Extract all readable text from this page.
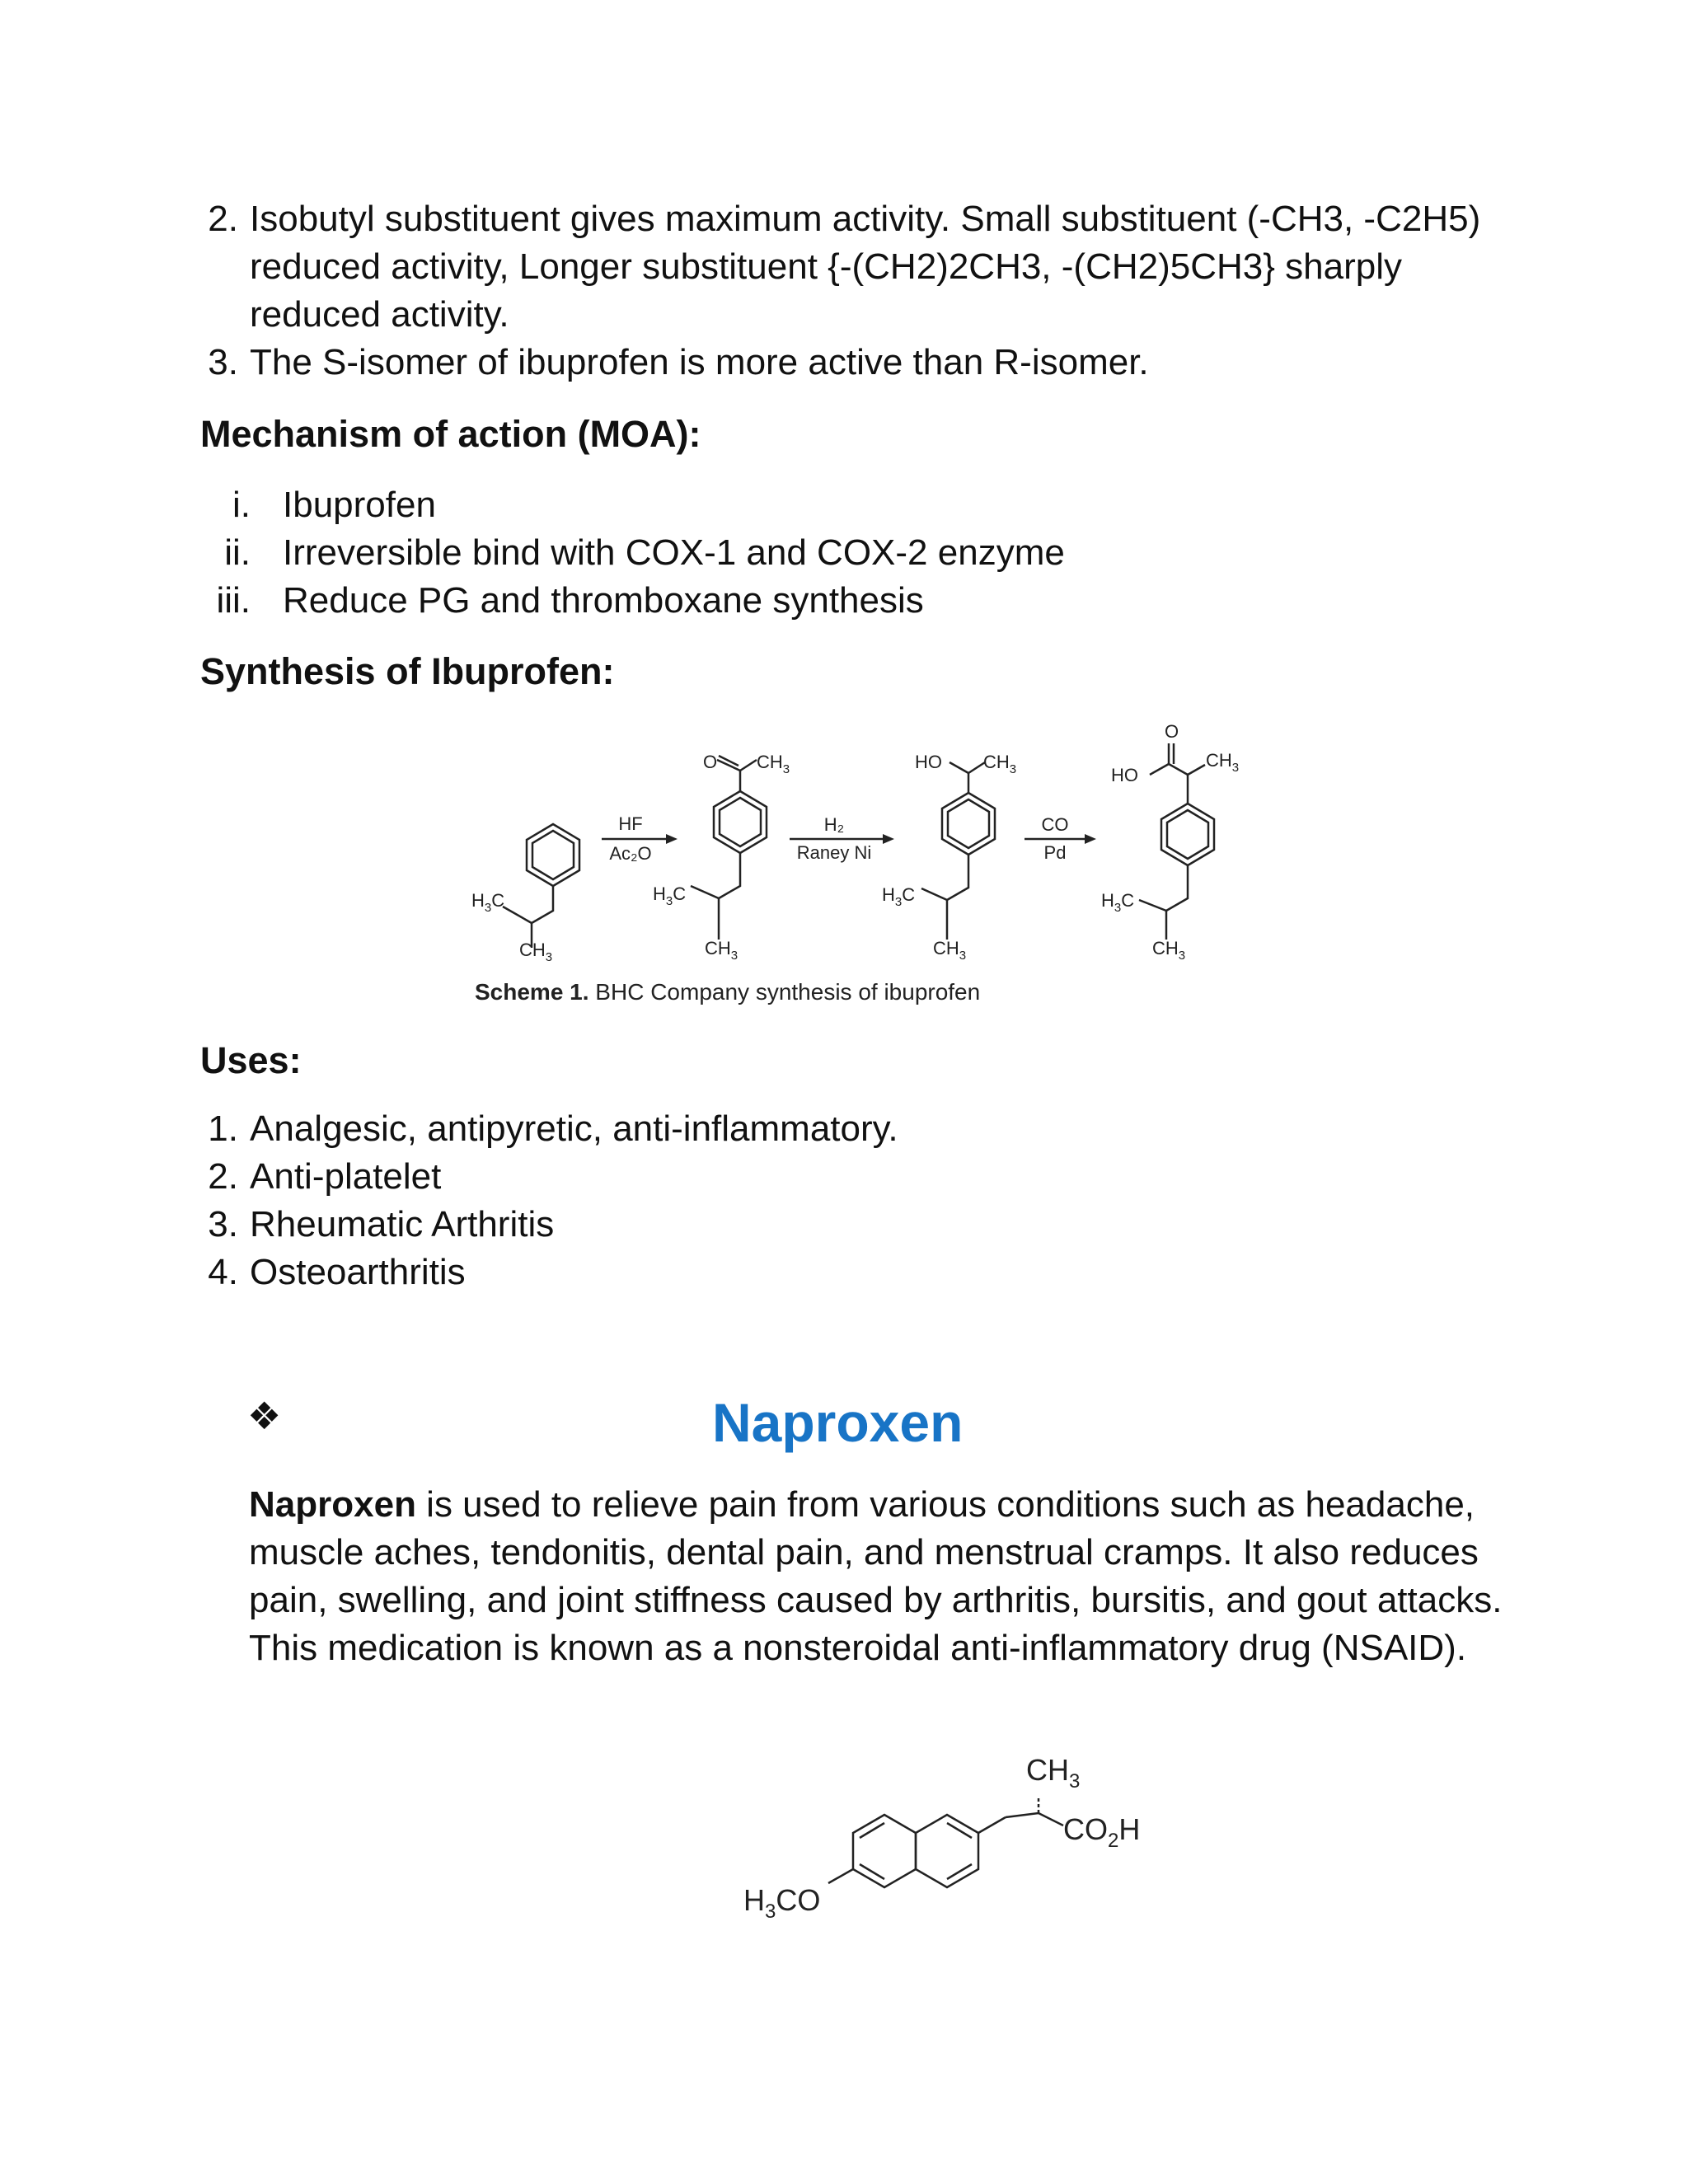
2. Isobutyl substituent gives maximum activity. Small substituent (-CH3, -C2H5) reduced activity, Longer substituent {-(CH2)2CH3, -(CH2)5CH3} sharply reduced activity.
3. The S-isomer of ibuprofen is more active than R-isomer.
Mechanism of action (MOA):
i. Ibuprofen
ii. Irreversible bind with COX-1 and COX-2 enzyme
iii. Reduce PG and thromboxane synthesis
Synthesis of Ibuprofen:
HF
Ac₂O
H₂
Raney Ni
CO
Pd
$H_3C$
$CH_3$
O $CH_3$
$H_3C$
$CH_3$
HO $CH_3$
$H_3C$
$CH_3$
O
HO
$CH_3$
$H_3C$
$CH_3$
Scheme 1. BHC Company synthesis of ibuprofen
Uses:
1. Analgesic, antipyretic, anti-inflammatory.
2. Anti-platelet
3. Rheumatic Arthritis
4. Osteoarthritis
❖	Naproxen

Naproxen is used to relieve pain from various conditions such as headache, muscle aches, tendonitis, dental pain, and menstrual cramps. It also reduces pain, swelling, and joint stiffness caused by arthritis, bursitis, and gout attacks. This medication is known as a nonsteroidal anti-inflammatory drug (NSAID).

$CH_3$
$CO_2H$
$H_3CO$
